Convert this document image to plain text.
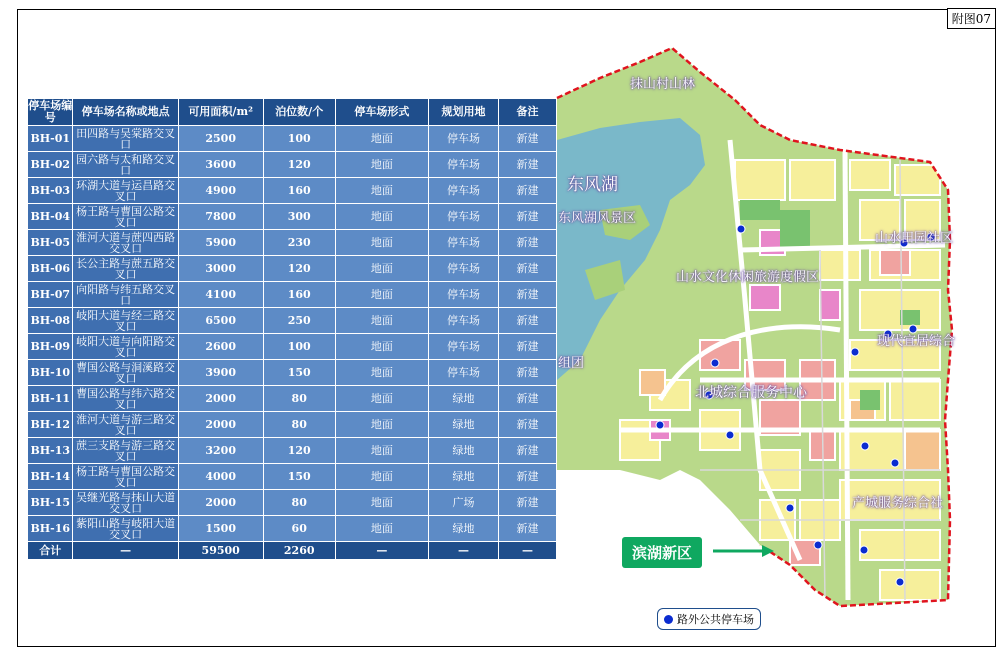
附图07
抹山村山林
东风湖
东风湖风景区
山水田园社区
山水文化休闲旅游度假区
现代宜居综合
组团
北城综合服务中心
产城服务综合社
滨湖新区
路外公共停车场
停车场编号	停车场名称或地点	可用面积/m²	泊位数/个	停车场形式	规划用地	备注
BH-01	田四路与吴棠路交叉口	2500	100	地面	停车场	新建
BH-02	园六路与太和路交叉口	3600	120	地面	停车场	新建
BH-03	环湖大道与运昌路交叉口	4900	160	地面	停车场	新建
BH-04	杨王路与曹国公路交叉口	7800	300	地面	停车场	新建
BH-05	淮河大道与蔗四西路交叉口	5900	230	地面	停车场	新建
BH-06	长公主路与蔗五路交叉口	3000	120	地面	停车场	新建
BH-07	向阳路与纬五路交叉口	4100	160	地面	停车场	新建
BH-08	岐阳大道与经三路交叉口	6500	250	地面	停车场	新建
BH-09	岐阳大道与向阳路交叉口	2600	100	地面	停车场	新建
BH-10	曹国公路与洞溪路交叉口	3900	150	地面	停车场	新建
BH-11	曹国公路与纬六路交叉口	2000	80	地面	绿地	新建
BH-12	淮河大道与游三路交叉口	2000	80	地面	绿地	新建
BH-13	蔗三支路与游三路交叉口	3200	120	地面	绿地	新建
BH-14	杨王路与曹国公路交叉口	4000	150	地面	绿地	新建
BH-15	吴继光路与抹山大道交叉口	2000	80	地面	广场	新建
BH-16	紫阳山路与岐阳大道交叉口	1500	60	地面	绿地	新建
合计	—	59500	2260	—	—	—
